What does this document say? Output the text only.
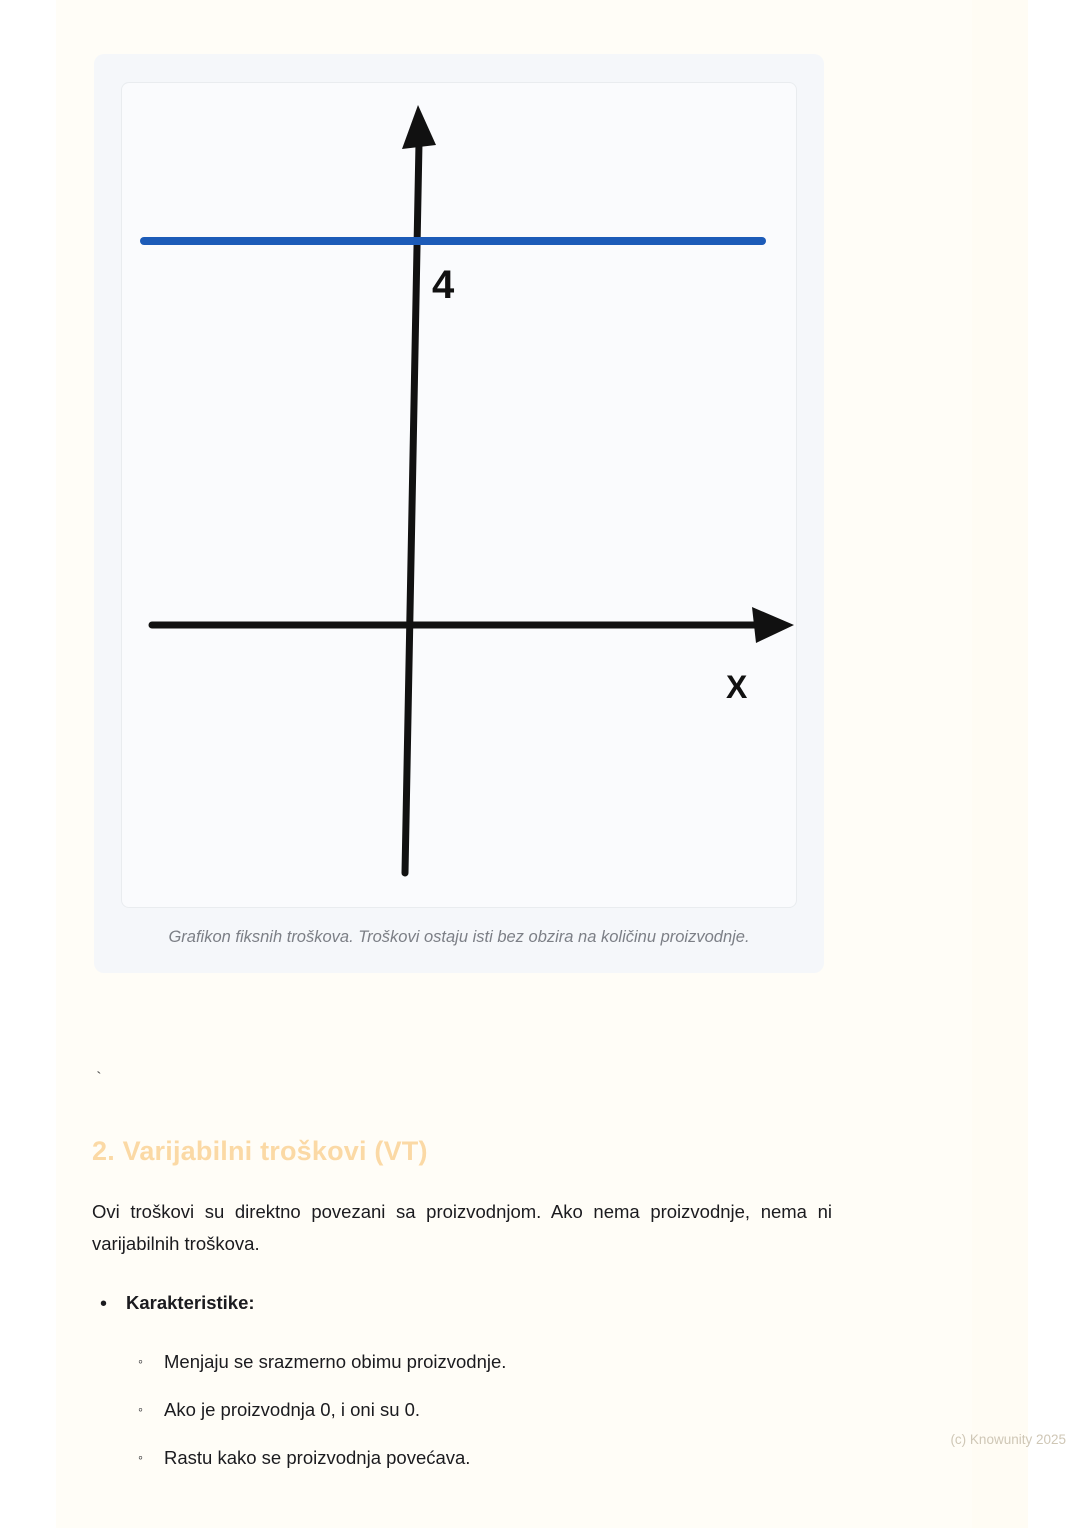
4
X
Grafikon fiksnih troškova. Troškovi ostaju isti bez obzira na količinu proizvodnje.
`
2. Varijabilni troškovi (VT)
Ovi troškovi su direktno povezani sa proizvodnjom. Ako nema proizvodnje, nema ni varijabilnih troškova.
• Karakteristike:
◦	Menjaju se srazmerno obimu proizvodnje.
◦	Ako je proizvodnja 0, i oni su 0.
◦	Rastu kako se proizvodnja povećava.
(c) Knowunity 2025
